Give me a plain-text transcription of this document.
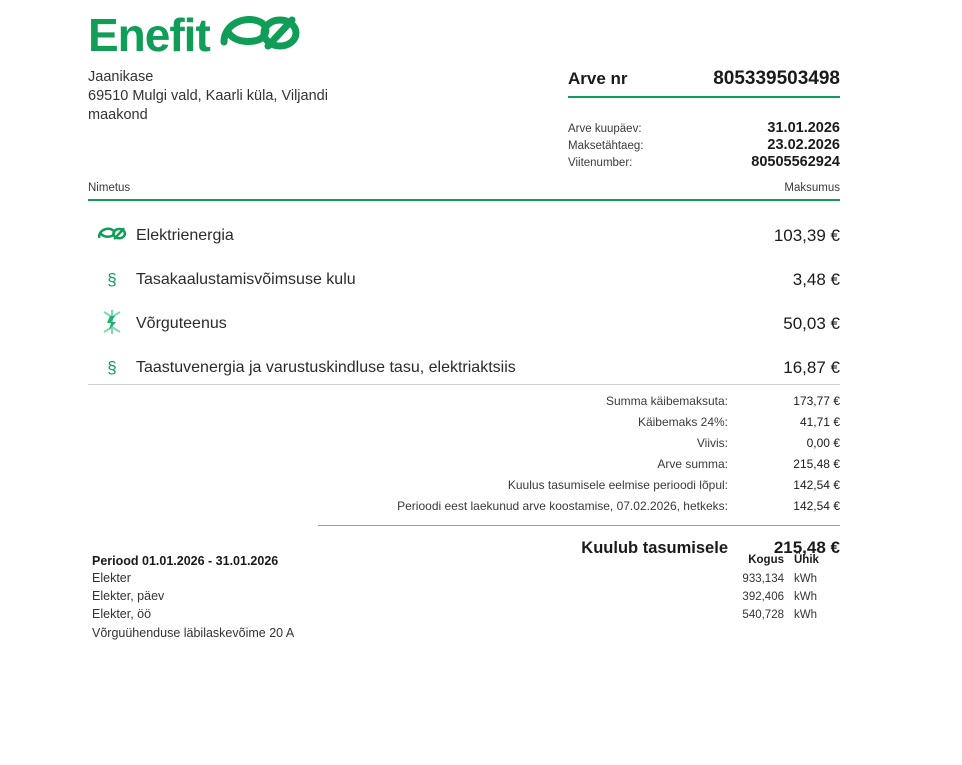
Enefit
Jaanikase
69510 Mulgi vald, Kaarli küla, Viljandi
maakond
Arve nr	805339503498
Arve kuupäev:	31.01.2026
Maksetähtaeg:	23.02.2026
Viitenumber:	80505562924
Nimetus	Maksumus
Elektrienergia	103,39 €
§	Tasakaalustamisvõimsuse kulu	3,48 €
Võrguteenus	50,03 €
§	Taastuvenergia ja varustuskindluse tasu, elektriaktsiis	16,87 €
Summa käibemaksuta:	173,77 €
Käibemaks 24%:	41,71 €
Viivis:	0,00 €
Arve summa:	215,48 €
Kuulus tasumisele eelmise perioodi lõpul:	142,54 €
Perioodi eest laekunud arve koostamise, 07.02.2026, hetkeks:	142,54 €
Kuulub tasumisele	215,48 €
Periood 01.01.2026 - 31.01.2026	Kogus Ühik
Elekter	933,134 kWh
Elekter, päev	392,406 kWh
Elekter, öö	540,728 kWh
Võrguühenduse läbilaskevõime 20 A
